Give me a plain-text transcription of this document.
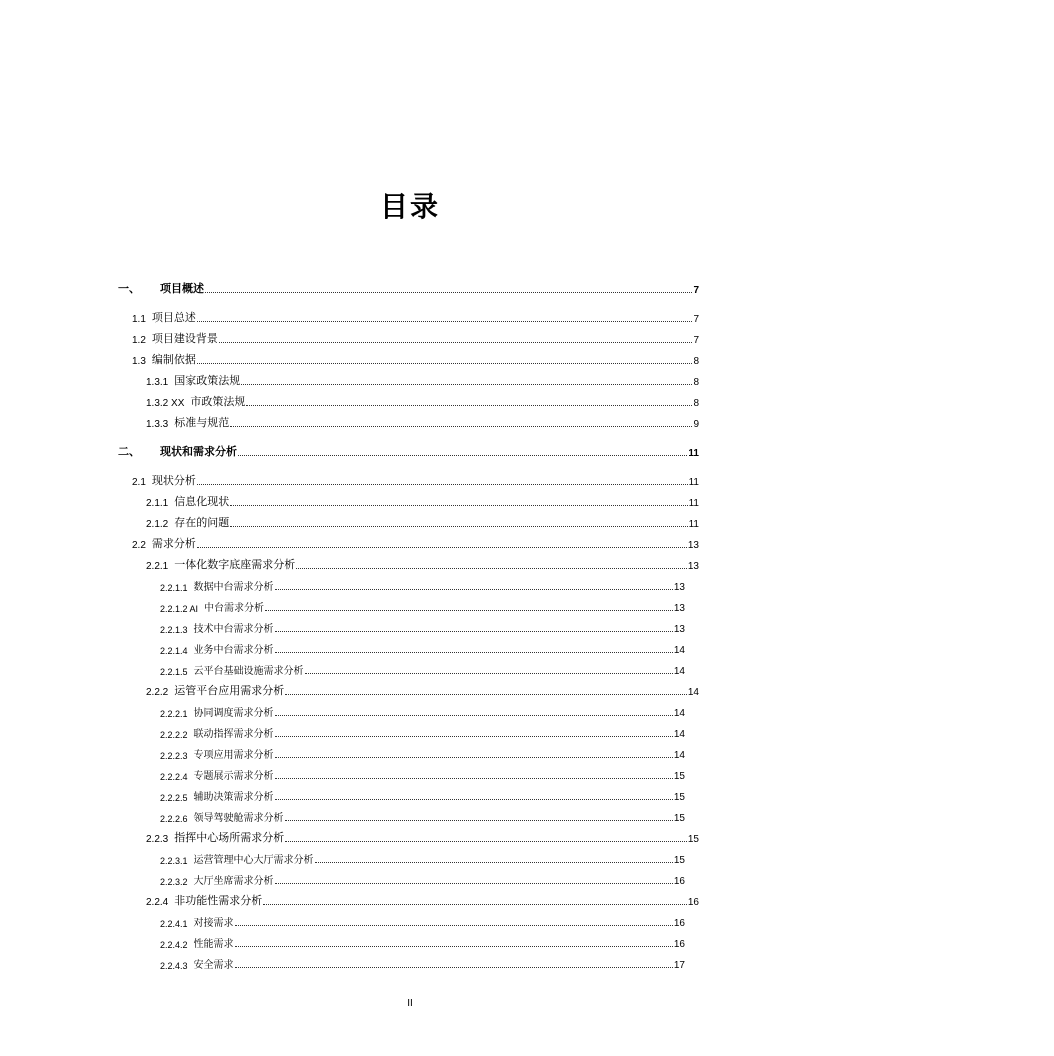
目录
一、	项目概述	7
1.1 项目总述	7
1.2 项目建设背景	7
1.3 编制依据	8
1.3.1 国家政策法规	8
1.3.2 XX 市政策法规	8
1.3.3 标准与规范	9
二、	现状和需求分析	11
2.1 现状分析	11
2.1.1 信息化现状	11
2.1.2 存在的问题	11
2.2 需求分析	13
2.2.1 一体化数字底座需求分析	13
2.2.1.1 数据中台需求分析	13
2.2.1.2 AI 中台需求分析	13
2.2.1.3 技术中台需求分析	13
2.2.1.4 业务中台需求分析	14
2.2.1.5 云平台基础设施需求分析	14
2.2.2 运管平台应用需求分析	14
2.2.2.1 协同调度需求分析	14
2.2.2.2 联动指挥需求分析	14
2.2.2.3 专项应用需求分析	14
2.2.2.4 专题展示需求分析	15
2.2.2.5 辅助决策需求分析	15
2.2.2.6 领导驾驶舱需求分析	15
2.2.3 指挥中心场所需求分析	15
2.2.3.1 运营管理中心大厅需求分析	15
2.2.3.2 大厅坐席需求分析	16
2.2.4 非功能性需求分析	16
2.2.4.1 对接需求	16
2.2.4.2 性能需求	16
2.2.4.3 安全需求	17
II
